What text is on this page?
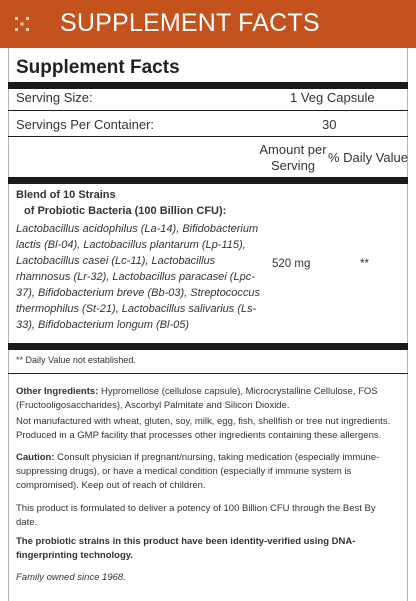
SUPPLEMENT FACTS
Supplement Facts
Serving Size:	1 Veg Capsule
Servings Per Container:	30
Amount per Serving
% Daily Value
Blend of 10 Strains
of Probiotic Bacteria (100 Billion CFU):
Lactobacillus acidophilus (La-14), Bifidobacterium lactis (Bl-04), Lactobacillus plantarum (Lp-115), Lactobacillus casei (Lc-11), Lactobacillus rhamnosus (Lr-32), Lactobacillus paracasei (Lpc-37), Bifidobacterium breve (Bb-03), Streptococcus thermophilus (St-21), Lactobacillus salivarius (Ls-33), Bifidobacterium longum (Bl-05)
520 mg	**
** Daily Value not established.
Other Ingredients: Hypromellose (cellulose capsule), Microcrystalline Cellulose, FOS (Fructooligosaccharides), Ascorbyl Palmitate and Silicon Dioxide.
Not manufactured with wheat, gluten, soy, milk, egg, fish, shellfish or tree nut ingredients. Produced in a GMP facility that processes other ingredients containing these allergens.
Caution: Consult physician if pregnant/nursing, taking medication (especially immune-suppressing drugs), or have a medical condition (especially if immune system is compromised). Keep out of reach of children.
This product is formulated to deliver a potency of 100 Billion CFU through the Best By date.
The probiotic strains in this product have been identity-verified using DNA-fingerprinting technology.
Family owned since 1968.
